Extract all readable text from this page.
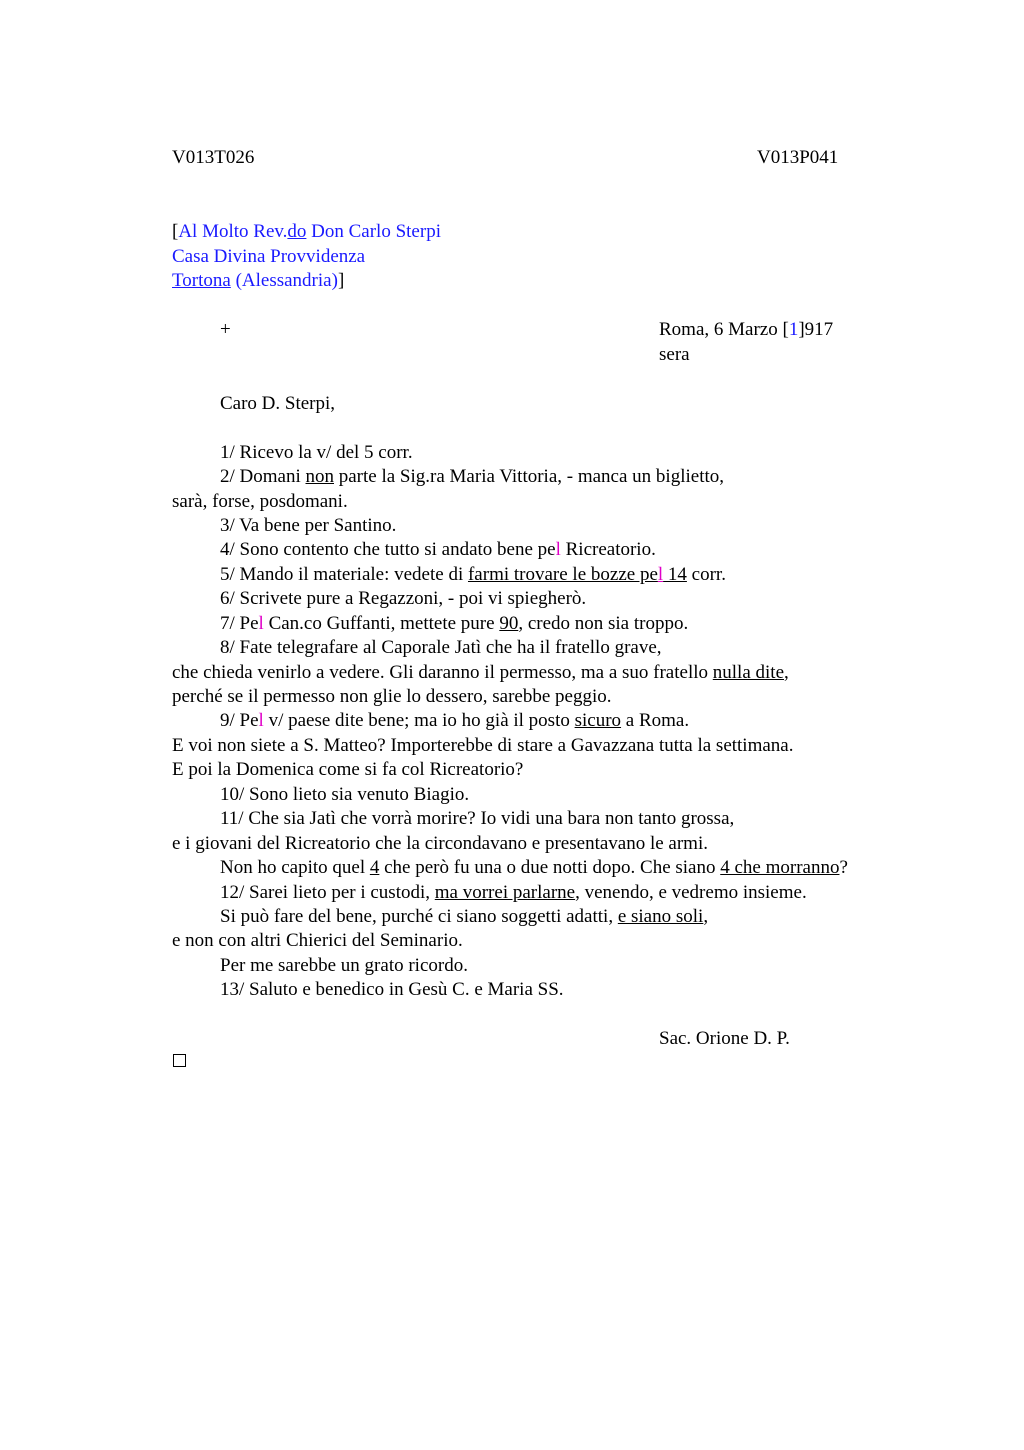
V013T026	V013P041
[Al Molto Rev.do Don Carlo Sterpi
Casa Divina Provvidenza
Tortona (Alessandria)]
+	Roma, 6 Marzo [1]917
sera
Caro D. Sterpi,
1/ Ricevo la v/ del 5 corr.
2/ Domani non parte la Sig.ra Maria Vittoria, - manca un biglietto,
sarà, forse, posdomani.
3/ Va bene per Santino.
4/ Sono contento che tutto si andato bene pel Ricreatorio.
5/ Mando il materiale: vedete di farmi trovare le bozze pel 14 corr.
6/ Scrivete pure a Regazzoni, - poi vi spiegherò.
7/ Pel Can.co Guffanti, mettete pure 90, credo non sia troppo.
8/ Fate telegrafare al Caporale Jatì che ha il fratello grave,
che chieda venirlo a vedere. Gli daranno il permesso, ma a suo fratello nulla dite,
perché se il permesso non glie lo dessero, sarebbe peggio.
9/ Pel v/ paese dite bene; ma io ho già il posto sicuro a Roma.
E voi non siete a S. Matteo? Importerebbe di stare a Gavazzana tutta la settimana.
E poi la Domenica come si fa col Ricreatorio?
10/ Sono lieto sia venuto Biagio.
11/ Che sia Jatì che vorrà morire? Io vidi una bara non tanto grossa,
e i giovani del Ricreatorio che la circondavano e presentavano le armi.
Non ho capito quel 4 che però fu una o due notti dopo. Che siano 4 che morranno?
12/ Sarei lieto per i custodi, ma vorrei parlarne, venendo, e vedremo insieme.
Si può fare del bene, purché ci siano soggetti adatti, e siano soli,
e non con altri Chierici del Seminario.
Per me sarebbe un grato ricordo.
13/ Saluto e benedico in Gesù C. e Maria SS.
Sac. Orione D. P.
